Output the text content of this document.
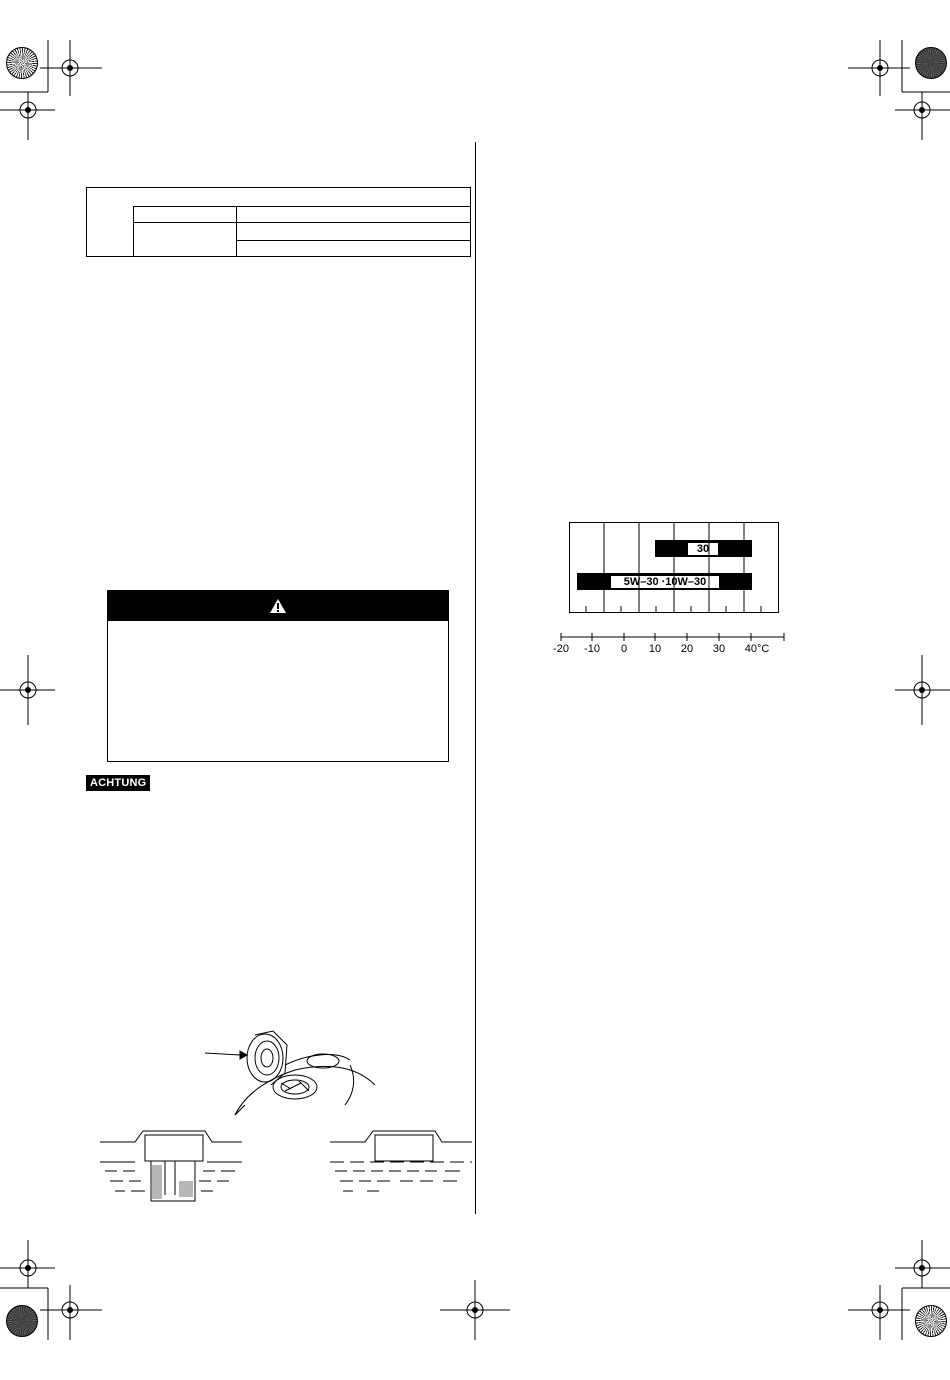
ACHTUNG
30
5W–30 ·10W–30
-20 -10 0 10 20 30 40°C
